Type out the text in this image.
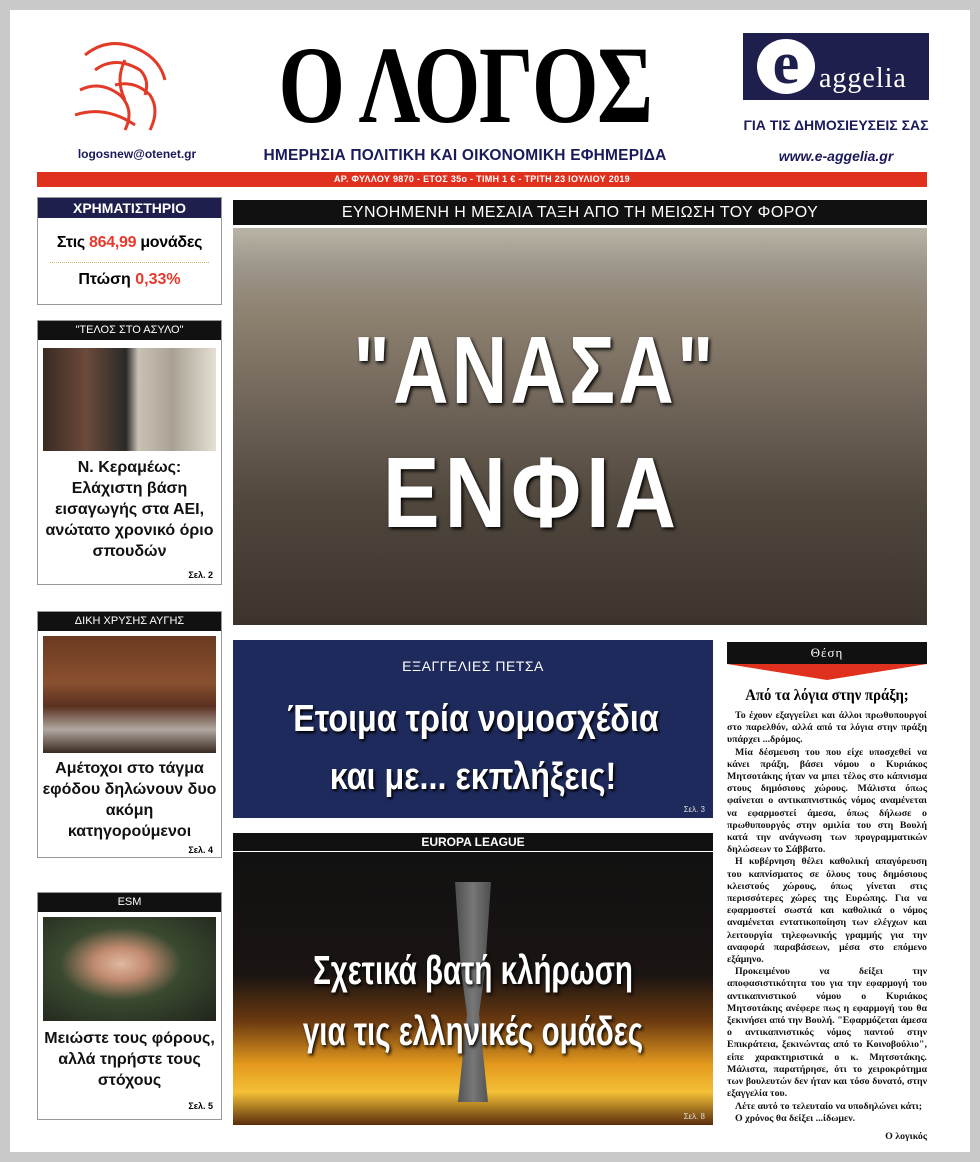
logosnew@otenet.gr
Ο ΛΟΓΟΣ
ΗΜΕΡΗΣΙΑ ΠΟΛΙΤΙΚΗ ΚΑΙ ΟΙΚΟΝΟΜΙΚΗ ΕΦΗΜΕΡΙΔΑ
e aggelia
ΓΙΑ ΤΙΣ ΔΗΜΟΣΙΕΥΣΕΙΣ ΣΑΣ
www.e-aggelia.gr
ΑΡ. ΦΥΛΛΟΥ 9870 - ΕΤΟΣ 35ο - ΤΙΜΗ 1 € - ΤΡΙΤΗ 23 ΙΟΥΛΙΟΥ 2019
ΧΡΗΜΑΤΙΣΤΗΡΙΟ
Στις 864,99 μονάδες
Πτώση 0,33%
"ΤΕΛΟΣ ΣΤΟ ΑΣΥΛΟ"
Ν. Κεραμέως: Ελάχιστη βάση εισαγωγής στα ΑΕΙ, ανώτατο χρονικό όριο σπουδών
Σελ. 2
ΔΙΚΗ ΧΡΥΣΗΣ ΑΥΓΗΣ
Αμέτοχοι στο τάγμα εφόδου δηλώνουν δυο ακόμη κατηγορούμενοι
Σελ. 4
ESM
Μειώστε τους φόρους, αλλά τηρήστε τους στόχους
Σελ. 5
ΕΥΝΟΗΜΕΝΗ Η ΜΕΣΑΙΑ ΤΑΞΗ ΑΠΟ ΤΗ ΜΕΙΩΣΗ ΤΟΥ ΦΟΡΟΥ
"ΑΝΑΣΑ"
ΕΝΦΙΑ
ΕΞΑΓΓΕΛΙΕΣ ΠΕΤΣΑ
Έτοιμα τρία νομοσχέδια
και με... εκπλήξεις!
Σελ. 3
EUROPA LEAGUE
Σχετικά βατή κλήρωση
για τις ελληνικές ομάδες
Σελ. 8
Θέση
Από τα λόγια στην πράξη;

Το έχουν εξαγγείλει και άλλοι πρωθυπουργοί στο παρελθόν, αλλά από τα λόγια στην πράξη υπάρχει ...δρόμος.

Μία δέσμευση του που είχε υποσχεθεί να κάνει πράξη, βάσει νόμου ο Κυριάκος Μητσοτάκης ήταν να μπει τέλος στο κάπνισμα στους δημόσιους χώρους. Μάλιστα όπως φαίνεται ο αντικαπνιστικός νόμος αναμένεται να εφαρμοστεί άμεσα, όπως δήλωσε ο πρωθυπουργός στην ομιλία του στη Βουλή κατά την ανάγνωση των προγραμματικών δηλώσεων το Σάββατο.

Η κυβέρνηση θέλει καθολική απαγόρευση του καπνίσματος σε όλους τους δημόσιους κλειστούς χώρους, όπως γίνεται στις περισσότερες χώρες της Ευρώπης. Για να εφαρμοστεί σωστά και καθολικά ο νόμος αναμένεται εντατικοποίηση των ελέγχων και λειτουργία τηλεφωνικής γραμμής για την αναφορά παραβάσεων, μέσα στο επόμενο εξάμηνο.

Προκειμένου να δείξει την αποφασιστικότητα του για την εφαρμογή του αντικαπνιστικού νόμου ο Κυριάκος Μητσοτάκης ανέφερε πως η εφαρμογή του θα ξεκινήσει από την Βουλή. "Εφαρμόζεται άμεσα ο αντικαπνιστικός νόμος παντού στην Επικράτεια, ξεκινώντας από το Κοινοβούλιο", είπε χαρακτηριστικά ο κ. Μητσοτάκης. Μάλιστα, παρατήρησε, ότι το χειροκρότημα των βουλευτών δεν ήταν και τόσο δυνατό, στην εξαγγελία του.

Λέτε αυτό το τελευταίο να υποδηλώνει κάτι;

Ο χρόνος θα δείξει ...ίδωμεν.

Ο λογικός
